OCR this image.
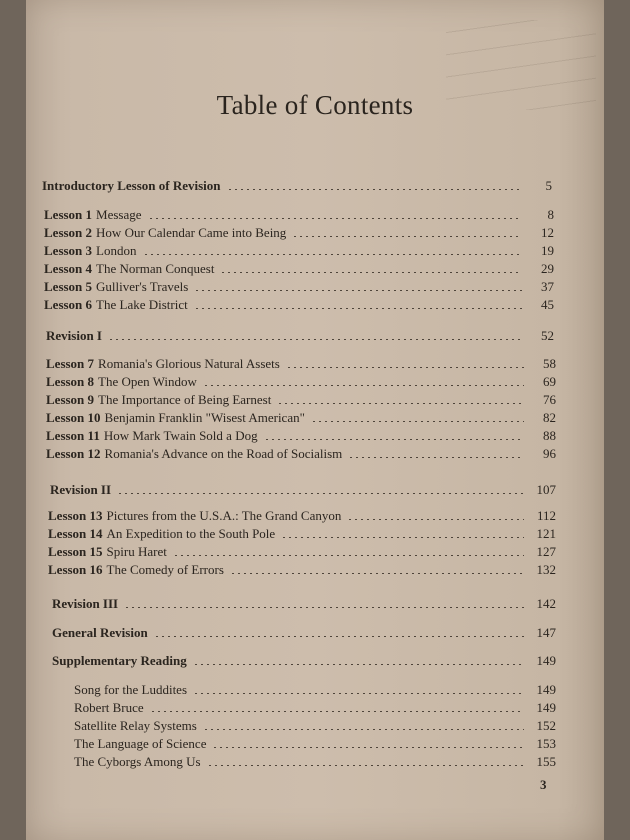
Table of Contents
Introductory Lesson of Revision	5
Lesson 1 Message	8
Lesson 2 How Our Calendar Came into Being	12
Lesson 3 London	19
Lesson 4 The Norman Conquest	29
Lesson 5 Gulliver's Travels	37
Lesson 6 The Lake District	45
Revision I	52
Lesson 7 Romania's Glorious Natural Assets	58
Lesson 8 The Open Window	69
Lesson 9 The Importance of Being Earnest	76
Lesson 10 Benjamin Franklin "Wisest American"	82
Lesson 11 How Mark Twain Sold a Dog	88
Lesson 12 Romania's Advance on the Road of Socialism	96
Revision II	107
Lesson 13 Pictures from the U.S.A.: The Grand Canyon	112
Lesson 14 An Expedition to the South Pole	121
Lesson 15 Spiru Haret	127
Lesson 16 The Comedy of Errors	132
Revision III	142
General Revision	147
Supplementary Reading	149
Song for the Luddites	149
Robert Bruce	149
Satellite Relay Systems	152
The Language of Science	153
The Cyborgs Among Us	155
3
